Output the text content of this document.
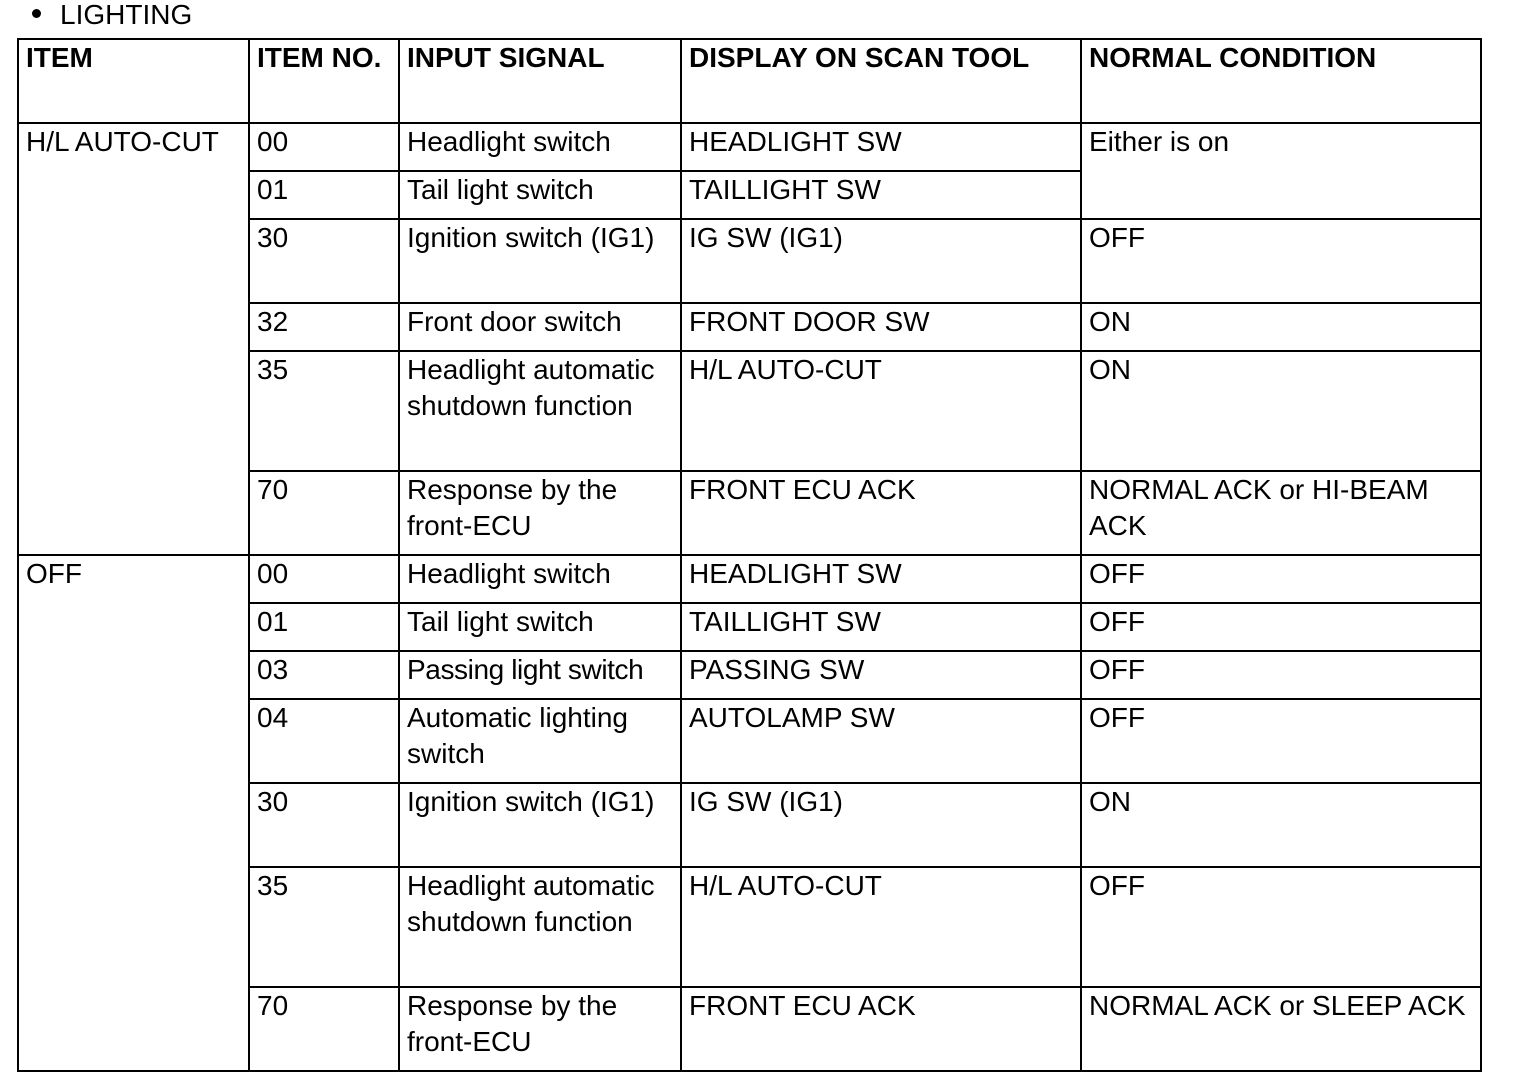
LIGHTING
ITEM	ITEM NO.	INPUT SIGNAL	DISPLAY ON SCAN TOOL	NORMAL CONDITION
H/L AUTO-CUT	00	Headlight switch	HEADLIGHT SW	Either is on
	01	Tail light switch	TAILLIGHT SW	
	30	Ignition switch (IG1)	IG SW (IG1)	OFF
	32	Front door switch	FRONT DOOR SW	ON
	35	Headlight automatic shutdown function	H/L AUTO-CUT	ON
	70	Response by the front-ECU	FRONT ECU ACK	NORMAL ACK or HI-BEAM ACK
OFF	00	Headlight switch	HEADLIGHT SW	OFF
	01	Tail light switch	TAILLIGHT SW	OFF
	03	Passing light switch	PASSING SW	OFF
	04	Automatic lighting switch	AUTOLAMP SW	OFF
	30	Ignition switch (IG1)	IG SW (IG1)	ON
	35	Headlight automatic shutdown function	H/L AUTO-CUT	OFF
	70	Response by the front-ECU	FRONT ECU ACK	NORMAL ACK or SLEEP ACK
